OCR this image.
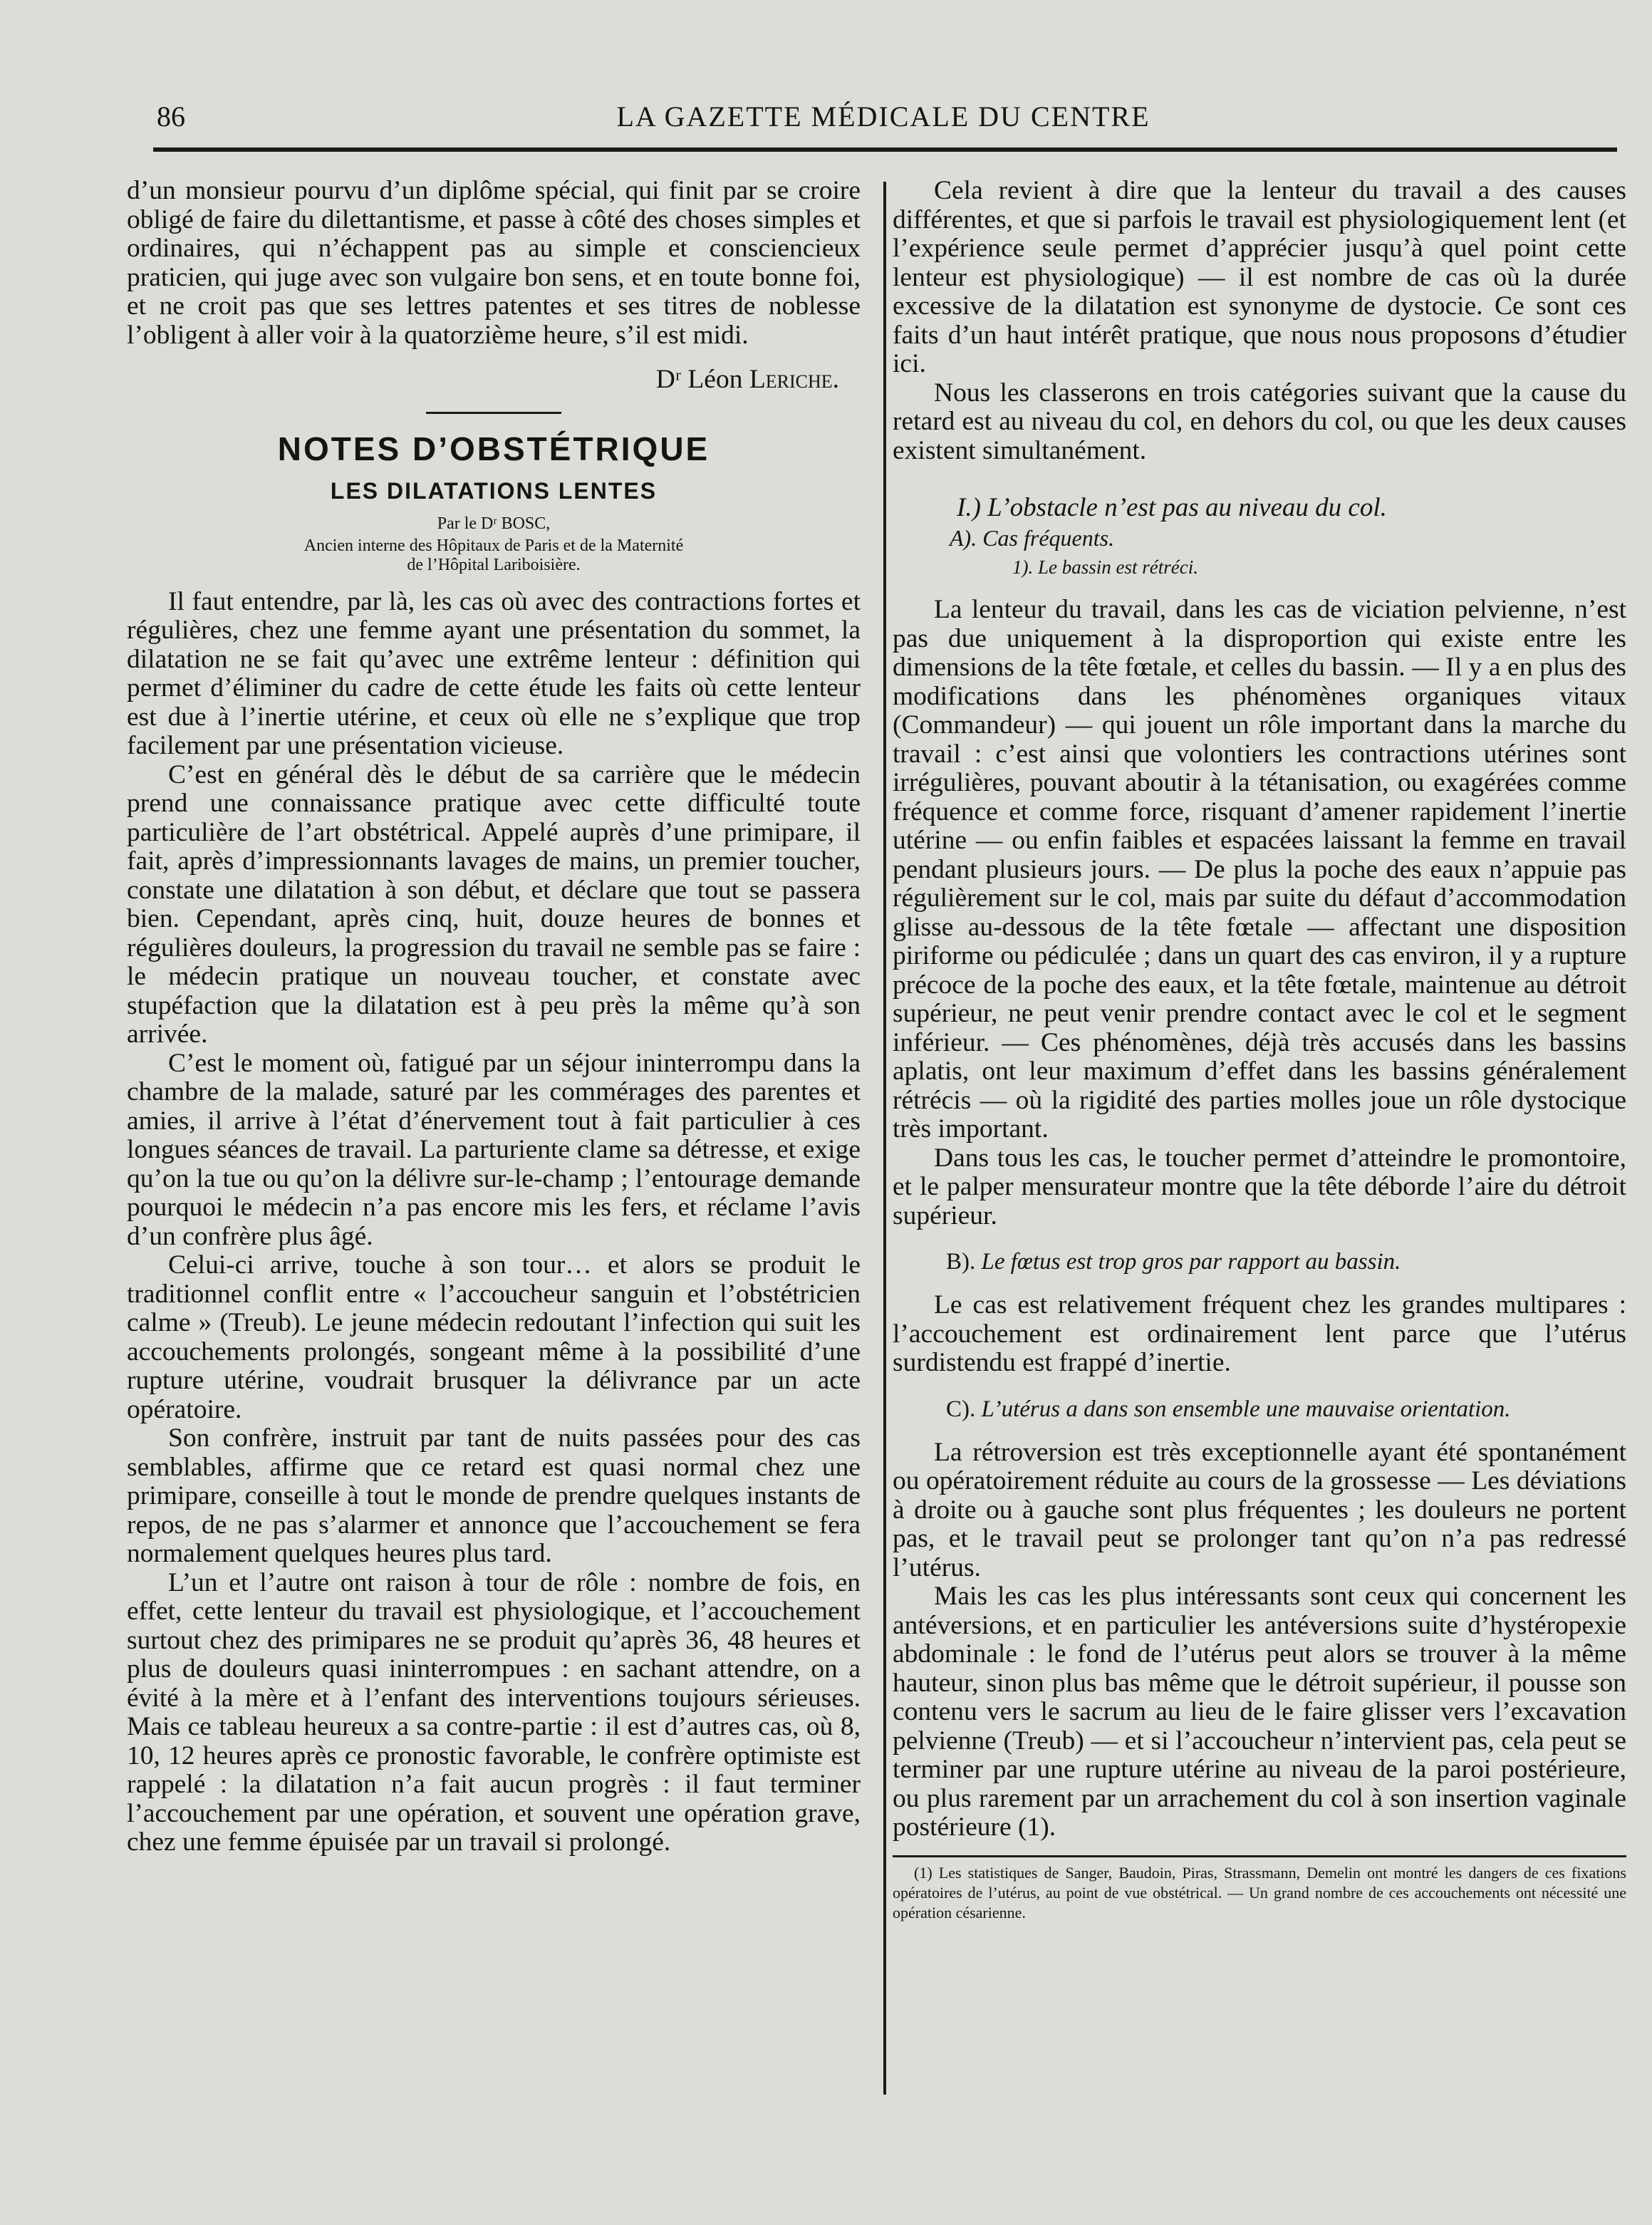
86	LA GAZETTE MÉDICALE DU CENTRE

d’un monsieur pourvu d’un diplôme spécial, qui finit par se croire obligé de faire du dilettantisme, et passe à côté des choses simples et ordinaires, qui n’échappent pas au simple et consciencieux praticien, qui juge avec son vulgaire bon sens, et en toute bonne foi, et ne croit pas que ses lettres patentes et ses titres de noblesse l’obligent à aller voir à la quatorzième heure, s’il est midi.

Dʳ Léon Leriche.
NOTES D’OBSTÉTRIQUE
LES DILATATIONS LENTES
Par le Dʳ BOSC,
Ancien interne des Hôpitaux de Paris et de la Maternité
de l’Hôpital Lariboisière.

Il faut entendre, par là, les cas où avec des contractions fortes et régulières, chez une femme ayant une présentation du sommet, la dilatation ne se fait qu’avec une extrême lenteur : définition qui permet d’éliminer du cadre de cette étude les faits où cette lenteur est due à l’inertie utérine, et ceux où elle ne s’explique que trop facilement par une présentation vicieuse.

C’est en général dès le début de sa carrière que le médecin prend une connaissance pratique avec cette difficulté toute particulière de l’art obstétrical. Appelé auprès d’une primipare, il fait, après d’impressionnants lavages de mains, un premier toucher, constate une dilatation à son début, et déclare que tout se passera bien. Cependant, après cinq, huit, douze heures de bonnes et régulières douleurs, la progression du travail ne semble pas se faire : le médecin pratique un nouveau toucher, et constate avec stupéfaction que la dilatation est à peu près la même qu’à son arrivée.

C’est le moment où, fatigué par un séjour ininterrompu dans la chambre de la malade, saturé par les commérages des parentes et amies, il arrive à l’état d’énervement tout à fait particulier à ces longues séances de travail. La parturiente clame sa détresse, et exige qu’on la tue ou qu’on la délivre sur-le-champ ; l’entourage demande pourquoi le médecin n’a pas encore mis les fers, et réclame l’avis d’un confrère plus âgé.

Celui-ci arrive, touche à son tour… et alors se produit le traditionnel conflit entre « l’accoucheur sanguin et l’obstétricien calme » (Treub). Le jeune médecin redoutant l’infection qui suit les accouchements prolongés, songeant même à la possibilité d’une rupture utérine, voudrait brusquer la délivrance par un acte opératoire.

Son confrère, instruit par tant de nuits passées pour des cas semblables, affirme que ce retard est quasi normal chez une primipare, conseille à tout le monde de prendre quelques instants de repos, de ne pas s’alarmer et annonce que l’accouchement se fera normalement quelques heures plus tard.

L’un et l’autre ont raison à tour de rôle : nombre de fois, en effet, cette lenteur du travail est physiologique, et l’accouchement surtout chez des primipares ne se produit qu’après 36, 48 heures et plus de douleurs quasi ininterrompues : en sachant attendre, on a évité à la mère et à l’enfant des interventions toujours sérieuses. Mais ce tableau heureux a sa contre-partie : il est d’autres cas, où 8, 10, 12 heures après ce pronostic favorable, le confrère optimiste est rappelé : la dilatation n’a fait aucun progrès : il faut terminer l’accouchement par une opération, et souvent une opération grave, chez une femme épuisée par un travail si prolongé.

Cela revient à dire que la lenteur du travail a des causes différentes, et que si parfois le travail est physiologiquement lent (et l’expérience seule permet d’apprécier jusqu’à quel point cette lenteur est physiologique) — il est nombre de cas où la durée excessive de la dilatation est synonyme de dystocie. Ce sont ces faits d’un haut intérêt pratique, que nous nous proposons d’étudier ici.

Nous les classerons en trois catégories suivant que la cause du retard est au niveau du col, en dehors du col, ou que les deux causes existent simultanément.

I.) L’obstacle n’est pas au niveau du col.
A). Cas fréquents.
1). Le bassin est rétréci.

La lenteur du travail, dans les cas de viciation pelvienne, n’est pas due uniquement à la disproportion qui existe entre les dimensions de la tête fœtale, et celles du bassin. — Il y a en plus des modifications dans les phénomènes organiques vitaux (Commandeur) — qui jouent un rôle important dans la marche du travail : c’est ainsi que volontiers les contractions utérines sont irrégulières, pouvant aboutir à la tétanisation, ou exagérées comme fréquence et comme force, risquant d’amener rapidement l’inertie utérine — ou enfin faibles et espacées laissant la femme en travail pendant plusieurs jours. — De plus la poche des eaux n’appuie pas régulièrement sur le col, mais par suite du défaut d’accommodation glisse au-dessous de la tête fœtale — affectant une disposition piriforme ou pédiculée ; dans un quart des cas environ, il y a rupture précoce de la poche des eaux, et la tête fœtale, maintenue au détroit supérieur, ne peut venir prendre contact avec le col et le segment inférieur. — Ces phénomènes, déjà très accusés dans les bassins aplatis, ont leur maximum d’effet dans les bassins généralement rétrécis — où la rigidité des parties molles joue un rôle dystocique très important.

Dans tous les cas, le toucher permet d’atteindre le promontoire, et le palper mensurateur montre que la tête déborde l’aire du détroit supérieur.

B). Le fœtus est trop gros par rapport au bassin.

Le cas est relativement fréquent chez les grandes multipares : l’accouchement est ordinairement lent parce que l’utérus surdistendu est frappé d’inertie.

C). L’utérus a dans son ensemble une mauvaise orientation.

La rétroversion est très exceptionnelle ayant été spontanément ou opératoirement réduite au cours de la grossesse — Les déviations à droite ou à gauche sont plus fréquentes ; les douleurs ne portent pas, et le travail peut se prolonger tant qu’on n’a pas redressé l’utérus.

Mais les cas les plus intéressants sont ceux qui concernent les antéversions, et en particulier les antéversions suite d’hystéropexie abdominale : le fond de l’utérus peut alors se trouver à la même hauteur, sinon plus bas même que le détroit supérieur, il pousse son contenu vers le sacrum au lieu de le faire glisser vers l’excavation pelvienne (Treub) — et si l’accoucheur n’intervient pas, cela peut se terminer par une rupture utérine au niveau de la paroi postérieure, ou plus rarement par un arrachement du col à son insertion vaginale postérieure (1).

(1) Les statistiques de Sanger, Baudoin, Piras, Strassmann, Demelin ont montré les dangers de ces fixations opératoires de l’utérus, au point de vue obstétrical. — Un grand nombre de ces accouchements ont nécessité une opération césarienne.
